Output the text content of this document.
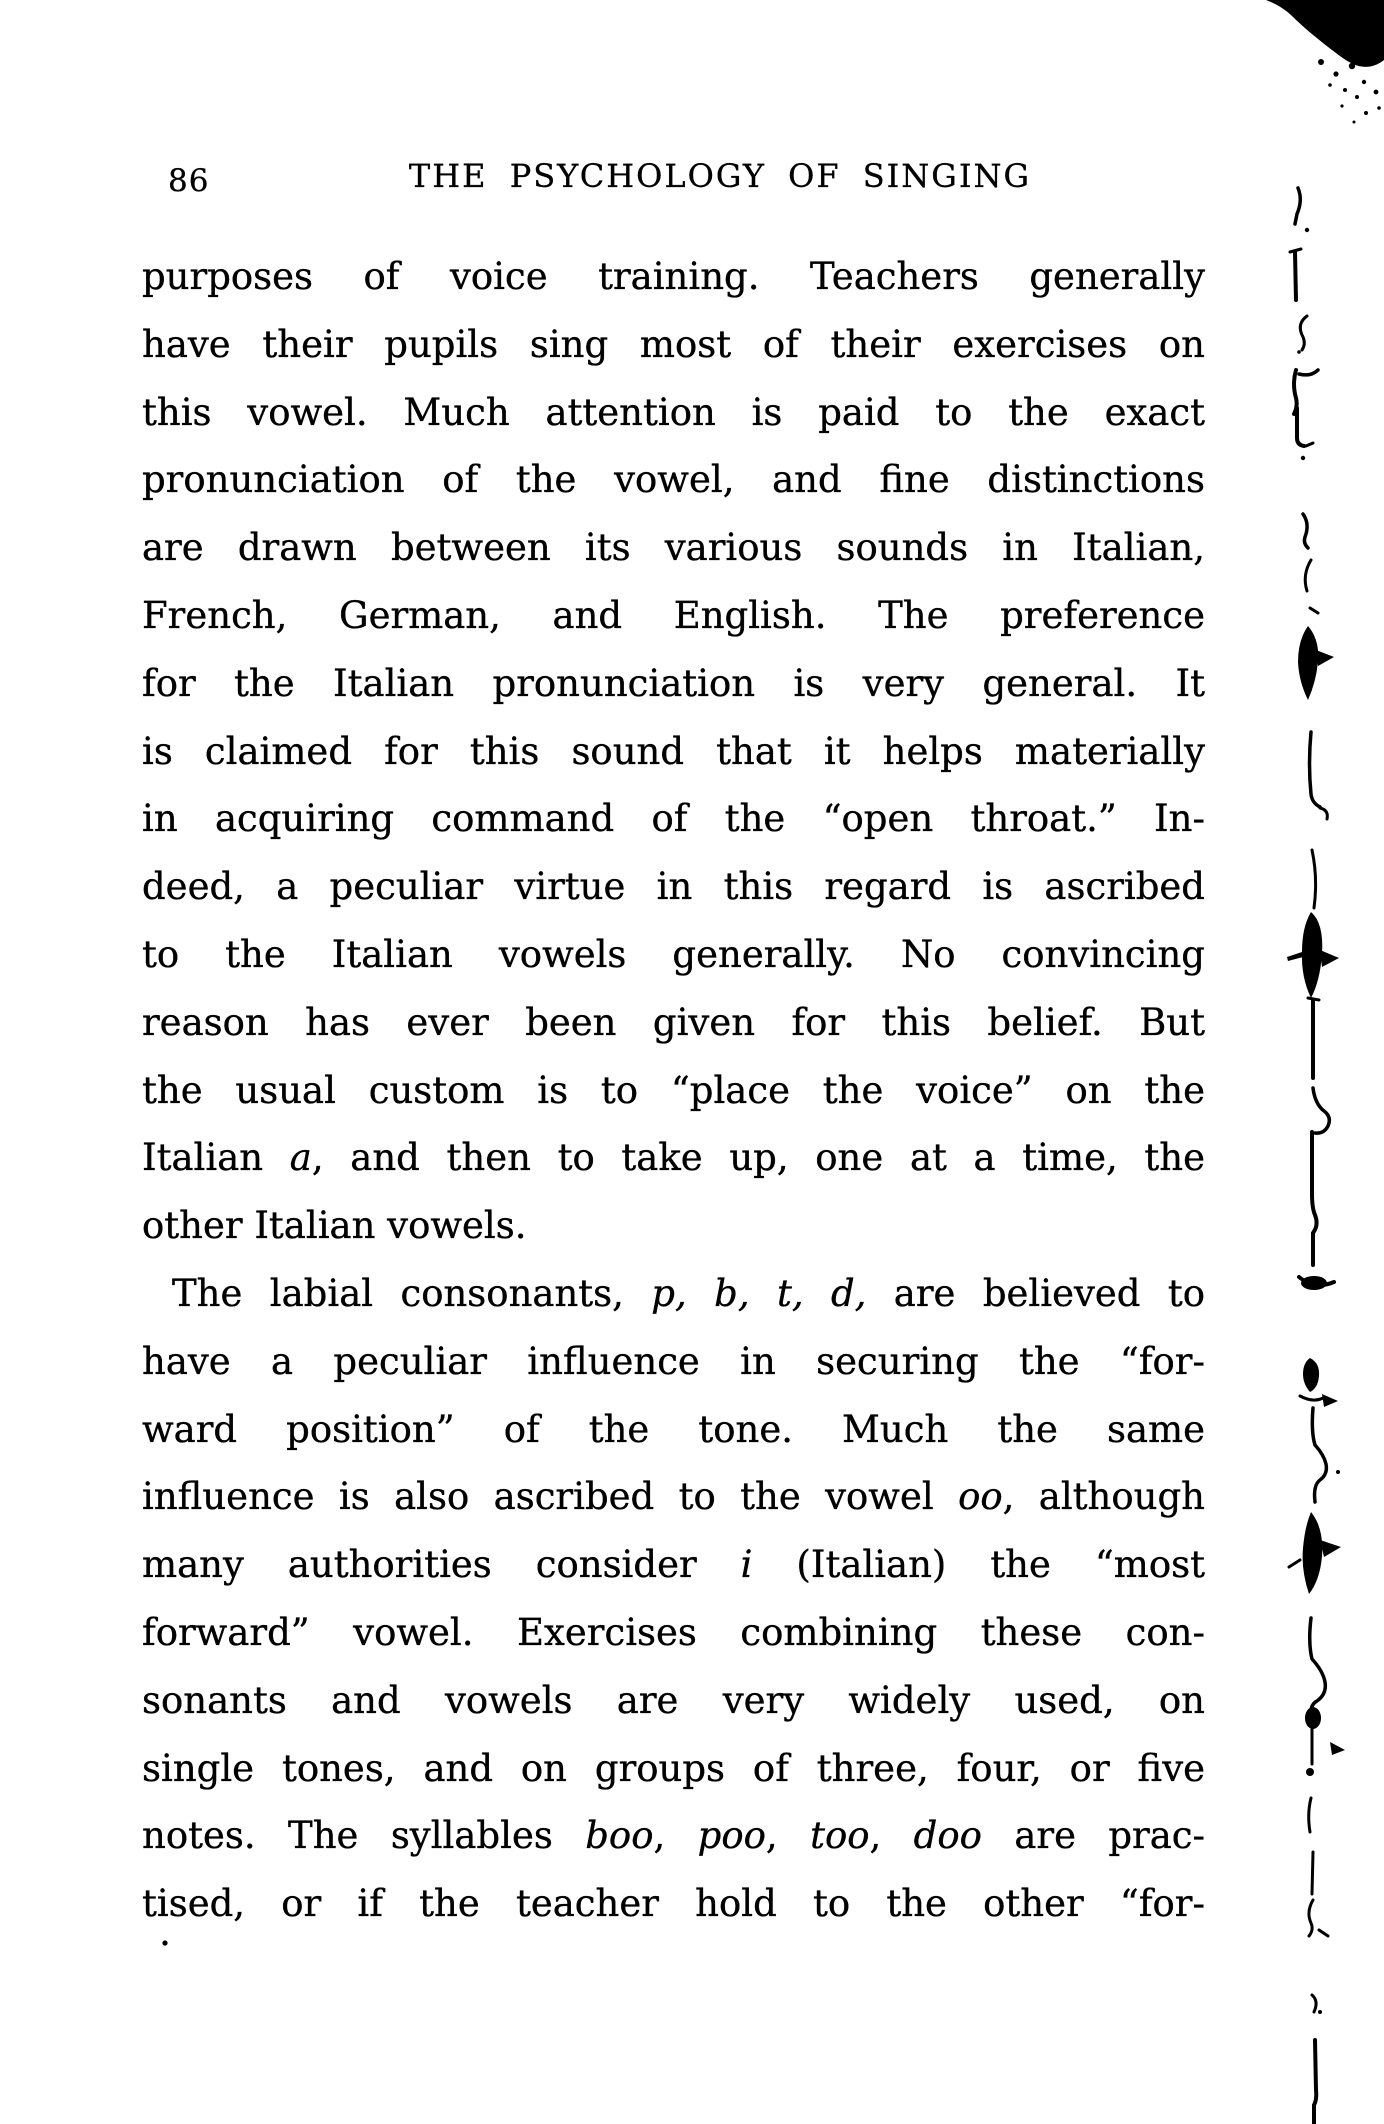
86	THE PSYCHOLOGY OF SINGING
purposes of voice training. Teachers generally
have their pupils sing most of their exercises on
this vowel. Much attention is paid to the exact
pronunciation of the vowel, and fine distinctions
are drawn between its various sounds in Italian,
French, German, and English. The preference
for the Italian pronunciation is very general. It
is claimed for this sound that it helps materially
in acquiring command of the “open throat.” In-
deed, a peculiar virtue in this regard is ascribed
to the Italian vowels generally. No convincing
reason has ever been given for this belief. But
the usual custom is to “place the voice” on the
Italian a, and then to take up, one at a time, the
other Italian vowels.
The labial consonants, p, b, t, d, are believed to
have a peculiar influence in securing the “for-
ward position” of the tone. Much the same
influence is also ascribed to the vowel oo, although
many authorities consider i (Italian) the “most
forward” vowel. Exercises combining these con-
sonants and vowels are very widely used, on
single tones, and on groups of three, four, or five
notes. The syllables boo, poo, too, doo are prac-
tised, or if the teacher hold to the other “for-
